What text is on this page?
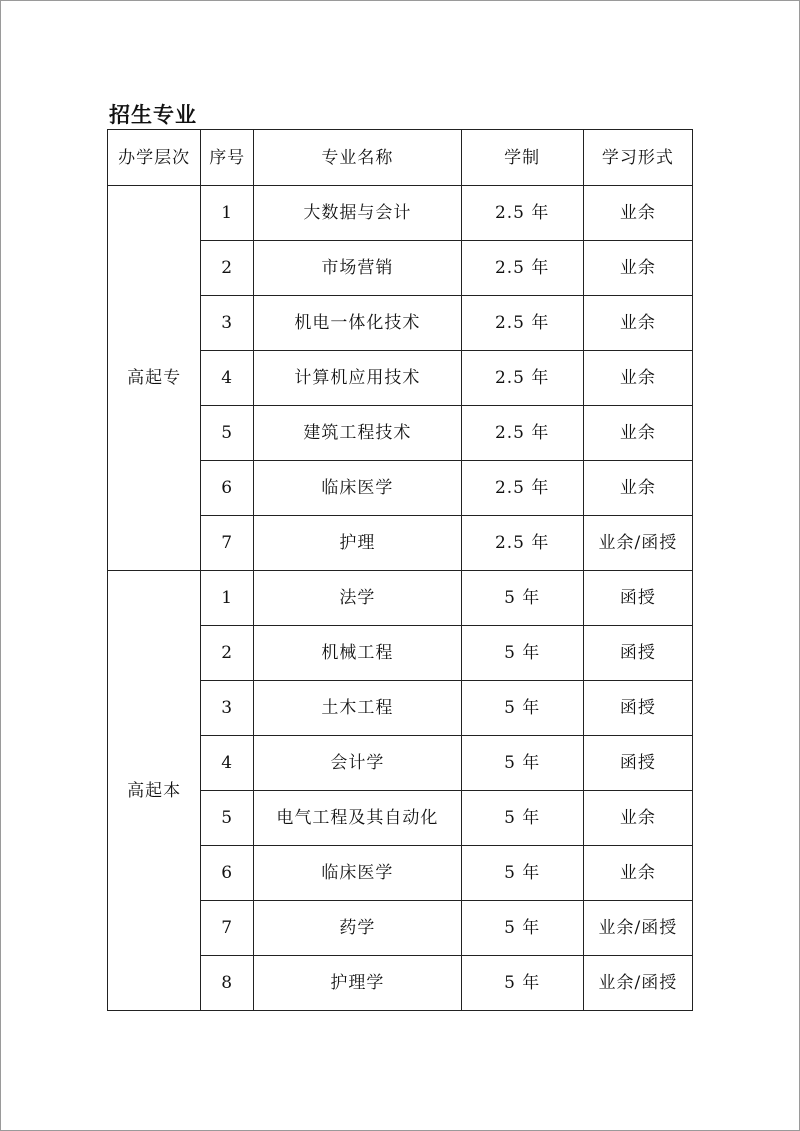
招生专业
办学层次	序号	专业名称	学制	学习形式
高起专	1	大数据与会计	2.5 年	业余
	2	市场营销	2.5 年	业余
	3	机电一体化技术	2.5 年	业余
	4	计算机应用技术	2.5 年	业余
	5	建筑工程技术	2.5 年	业余
	6	临床医学	2.5 年	业余
	7	护理	2.5 年	业余/函授
高起本	1	法学	5 年	函授
	2	机械工程	5 年	函授
	3	土木工程	5 年	函授
	4	会计学	5 年	函授
	5	电气工程及其自动化	5 年	业余
	6	临床医学	5 年	业余
	7	药学	5 年	业余/函授
	8	护理学	5 年	业余/函授
